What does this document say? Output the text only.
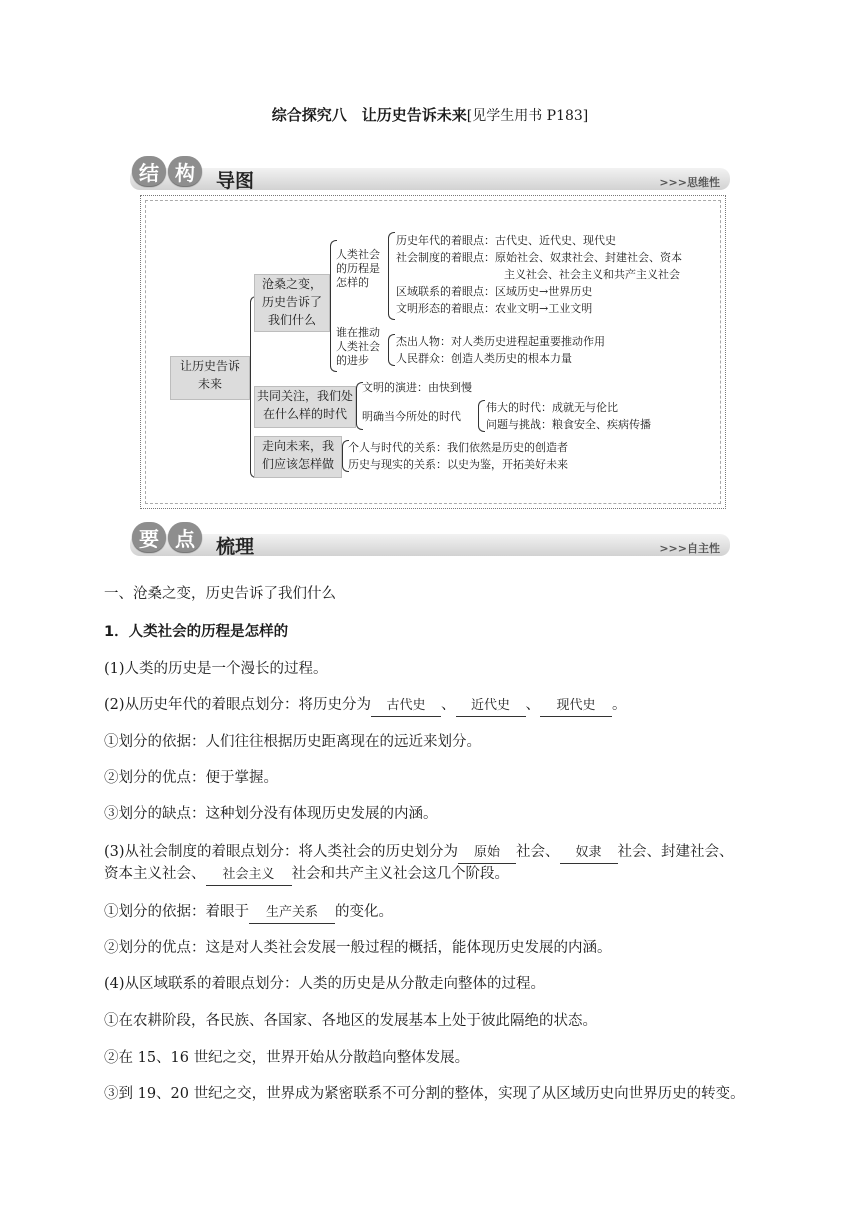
综合探究八　让历史告诉未来[见学生用书 P183]
结 构	导图	>>>思维性
让历史告诉
未来
沧桑之变，
历史告诉了
我们什么
人类社会
的历程是
怎样的
历史年代的着眼点：古代史、近代史、现代史
社会制度的着眼点：原始社会、奴隶社会、封建社会、资本
主义社会、社会主义和共产主义社会
区域联系的着眼点：区域历史→世界历史
文明形态的着眼点：农业文明→工业文明
谁在推动
人类社会
的进步
杰出人物：对人类历史进程起重要推动作用
人民群众：创造人类历史的根本力量
共同关注，我们处
在什么样的时代
文明的演进：由快到慢
明确当今所处的时代
伟大的时代：成就无与伦比
问题与挑战：粮食安全、疾病传播
走向未来，我
们应该怎样做
个人与时代的关系：我们依然是历史的创造者
历史与现实的关系：以史为鉴，开拓美好未来
要 点	梳理	>>>自主性
一、沧桑之变，历史告诉了我们什么
1．人类社会的历程是怎样的
(1)人类的历史是一个漫长的过程。
(2)从历史年代的着眼点划分：将历史分为 古代史 、 近代史 、 现代史 。
①划分的依据：人们往往根据历史距离现在的远近来划分。
②划分的优点：便于掌握。
③划分的缺点：这种划分没有体现历史发展的内涵。
(3)从社会制度的着眼点划分：将人类社会的历史划分为 原始 社会、 奴隶 社会、封建社会、
资本主义社会、 社会主义 社会和共产主义社会这几个阶段。
①划分的依据：着眼于 生产关系 的变化。
②划分的优点：这是对人类社会发展一般过程的概括，能体现历史发展的内涵。
(4)从区域联系的着眼点划分：人类的历史是从分散走向整体的过程。
①在农耕阶段，各民族、各国家、各地区的发展基本上处于彼此隔绝的状态。
②在 15、16 世纪之交，世界开始从分散趋向整体发展。
③到 19、20 世纪之交，世界成为紧密联系不可分割的整体，实现了从区域历史向世界历史的转变。
